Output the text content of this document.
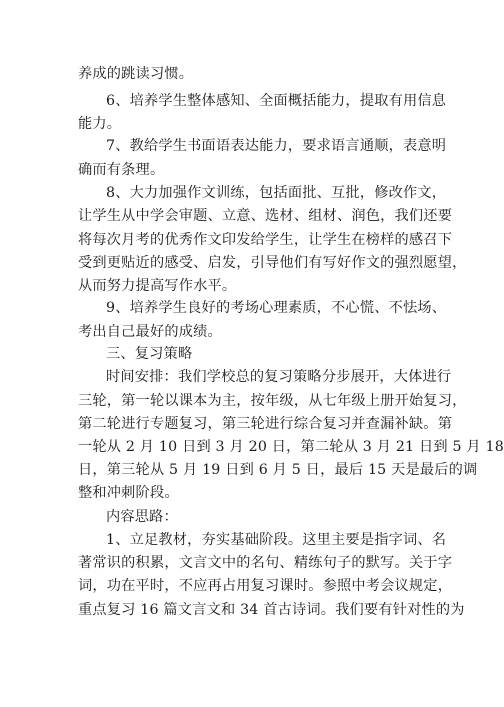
养成的跳读习惯。
6、培养学生整体感知、全面概括能力，提取有用信息
能力。
7、教给学生书面语表达能力，要求语言通顺，表意明
确而有条理。
8、大力加强作文训练，包括面批、互批，修改作文，
让学生从中学会审题、立意、选材、组材、润色，我们还要
将每次月考的优秀作文印发给学生，让学生在榜样的感召下
受到更贴近的感受、启发，引导他们有写好作文的强烈愿望，
从而努力提高写作水平。
9、培养学生良好的考场心理素质，不心慌、不怯场、
考出自己最好的成绩。
三、复习策略
时间安排：我们学校总的复习策略分步展开，大体进行
三轮，第一轮以课本为主，按年级，从七年级上册开始复习，
第二轮进行专题复习，第三轮进行综合复习并查漏补缺。第
一轮从 2 月 10 日到 3 月 20 日，第二轮从 3 月 21 日到 5 月 18
日，第三轮从 5 月 19 日到 6 月 5 日，最后 15 天是最后的调
整和冲刺阶段。
内容思路：
1、立足教材，夯实基础阶段。这里主要是指字词、名
著常识的积累，文言文中的名句、精练句子的默写。关于字
词，功在平时，不应再占用复习课时。参照中考会议规定，
重点复习 16 篇文言文和 34 首古诗词。我们要有针对性的为
